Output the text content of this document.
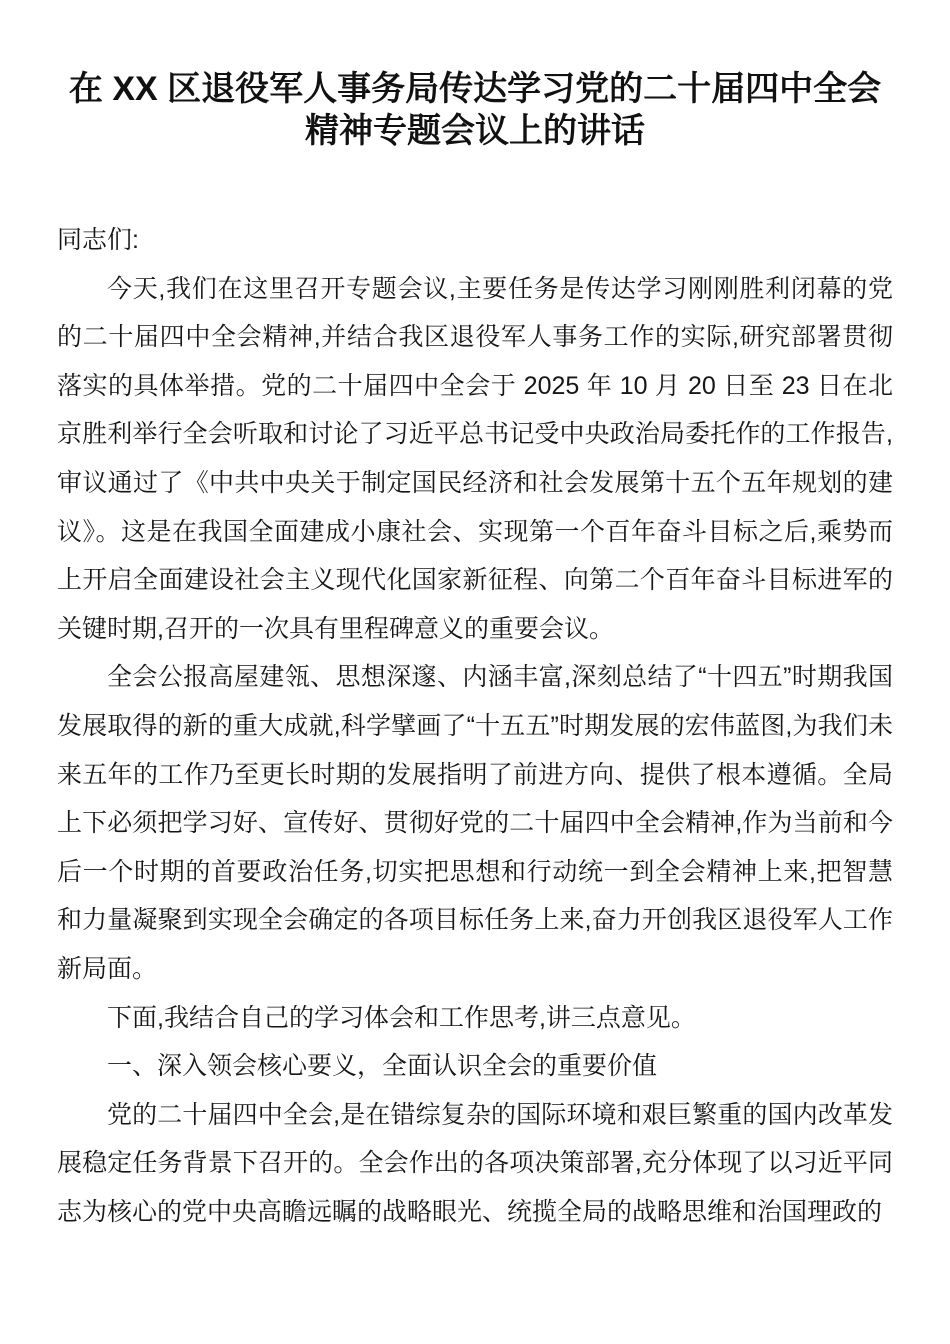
在 XX 区退役军人事务局传达学习党的二十届四中全会精神专题会议上的讲话

同志们:

今天,我们在这里召开专题会议,主要任务是传达学习刚刚胜利闭幕的党的二十届四中全会精神,并结合我区退役军人事务工作的实际,研究部署贯彻落实的具体举措。党的二十届四中全会于 2025 年 10 月 20 日至 23 日在北京胜利举行全会听取和讨论了习近平总书记受中央政治局委托作的工作报告,审议通过了《中共中央关于制定国民经济和社会发展第十五个五年规划的建议》。这是在我国全面建成小康社会、实现第一个百年奋斗目标之后,乘势而上开启全面建设社会主义现代化国家新征程、向第二个百年奋斗目标进军的关键时期,召开的一次具有里程碑意义的重要会议。

全会公报高屋建瓴、思想深邃、内涵丰富,深刻总结了“十四五”时期我国发展取得的新的重大成就,科学擘画了“十五五”时期发展的宏伟蓝图,为我们未来五年的工作乃至更长时期的发展指明了前进方向、提供了根本遵循。全局上下必须把学习好、宣传好、贯彻好党的二十届四中全会精神,作为当前和今后一个时期的首要政治任务,切实把思想和行动统一到全会精神上来,把智慧和力量凝聚到实现全会确定的各项目标任务上来,奋力开创我区退役军人工作新局面。

下面,我结合自己的学习体会和工作思考,讲三点意见。

一、深入领会核心要义，全面认识全会的重要价值

党的二十届四中全会,是在错综复杂的国际环境和艰巨繁重的国内改革发展稳定任务背景下召开的。全会作出的各项决策部署,充分体现了以习近平同志为核心的党中央高瞻远瞩的战略眼光、统揽全局的战略思维和治国理政的
